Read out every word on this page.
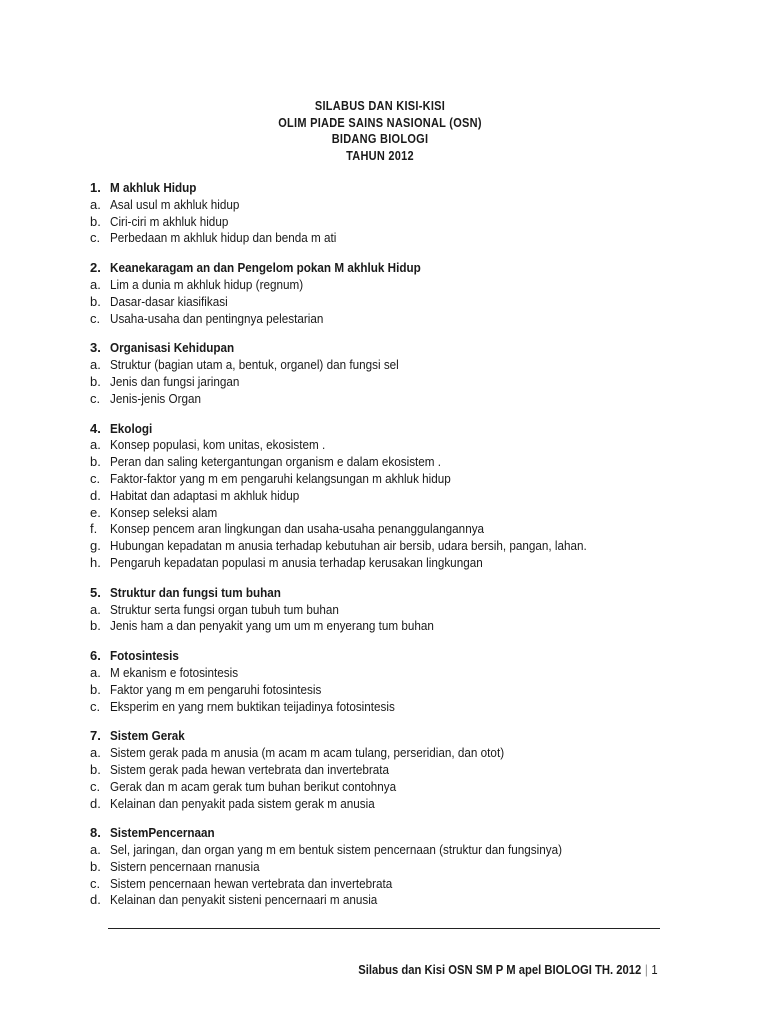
SILABUS DAN KISI-KISI
OLIM PIADE SAINS NASIONAL (OSN)
BIDANG BIOLOGI
TAHUN 2012
1. M akhluk Hidup
a. Asal usul m akhluk hidup
b. Ciri-ciri m akhluk hidup
c. Perbedaan m akhluk hidup dan benda m ati
2. Keanekaragam an dan Pengelom pokan M akhluk Hidup
a. Lim a dunia m akhluk hidup (regnum)
b. Dasar-dasar kiasifikasi
c. Usaha-usaha dan pentingnya pelestarian
3. Organisasi Kehidupan
a. Struktur (bagian utam a, bentuk, organel) dan fungsi sel
b. Jenis dan fungsi jaringan
c. Jenis-jenis Organ
4. Ekologi
a. Konsep populasi, kom unitas, ekosistem .
b. Peran dan saling ketergantungan organism e dalam ekosistem .
c. Faktor-faktor yang m em pengaruhi kelangsungan m akhluk hidup
d. Habitat dan adaptasi m akhluk hidup
e. Konsep seleksi alam
f. Konsep pencem aran lingkungan dan usaha-usaha penanggulangannya
g. Hubungan kepadatan m anusia terhadap kebutuhan air bersib, udara bersih, pangan, lahan.
h. Pengaruh kepadatan populasi m anusia terhadap kerusakan lingkungan
5. Struktur dan fungsi tum buhan
a. Struktur serta fungsi organ tubuh tum buhan
b. Jenis ham a dan penyakit yang um um m enyerang tum buhan
6. Fotosintesis
a. M ekanism e fotosintesis
b. Faktor yang m em pengaruhi fotosintesis
c. Eksperim en yang rnem buktikan teijadinya fotosintesis
7. Sistem Gerak
a. Sistem gerak pada m anusia (m acam m acam tulang, perseridian, dan otot)
b. Sistem gerak pada hewan vertebrata dan invertebrata
c. Gerak dan m acam gerak tum buhan berikut contohnya
d. Kelainan dan penyakit pada sistem gerak m anusia
8. SistemPencernaan
a. Sel, jaringan, dan organ yang m em bentuk sistem pencernaan (struktur dan fungsinya)
b. Sistern pencernaan rnanusia
c. Sistem pencernaan hewan vertebrata dan invertebrata
d. Kelainan dan penyakit sisteni pencernaari m anusia
Silabus dan Kisi OSN SM P M apel BIOLOGI TH. 2012 | 1
